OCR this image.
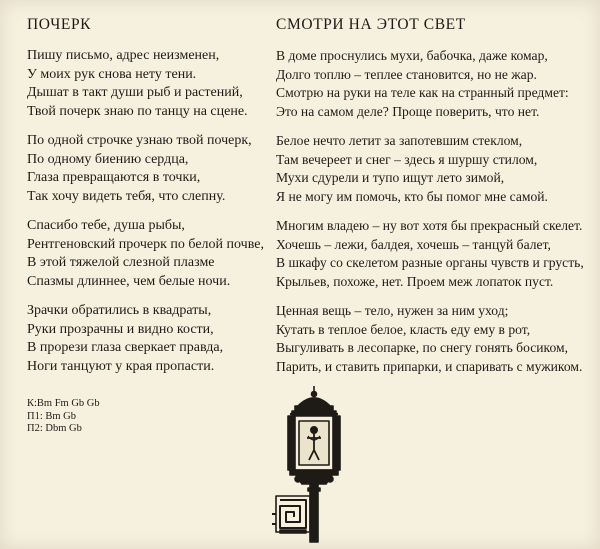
ПОЧЕРК

Пишу письмо, адрес неизменен,
У моих рук снова нету тени.
Дышат в такт души рыб и растений,
Твой почерк знаю по танцу на сцене.

По одной строчке узнаю твой почерк,
По одному биению сердца,
Глаза превращаются в точки,
Так хочу видеть тебя, что слепну.

Спасибо тебе, душа рыбы,
Рентгеновский прочерк по белой почве,
В этой тяжелой слезной плазме
Спазмы длиннее, чем белые ночи.

Зрачки обратились в квадраты,
Руки прозрачны и видно кости,
В прорези глаза сверкает правда,
Ноги танцуют у края пропасти.

К:Bm Fm Gb Gb
П1: Bm Gb
П2: Dbm Gb
СМОТРИ НА ЭТОТ СВЕТ

В доме проснулись мухи, бабочка, даже комар,
Долго топлю – теплее становится, но не жар.
Смотрю на руки на теле как на странный предмет:
Это на самом деле? Проще поверить, что нет.

Белое нечто летит за запотевшим стеклом,
Там вечереет и снег – здесь я шуршу стилом,
Мухи сдурели и тупо ищут лето зимой,
Я не могу им помочь, кто бы помог мне самой.

Многим владею – ну вот хотя бы прекрасный скелет.
Хочешь – лежи, балдея, хочешь – танцуй балет,
В шкафу со скелетом разные органы чувств и грусть,
Крыльев, похоже, нет. Проем меж лопаток пуст.

Ценная вещь – тело, нужен за ним уход;
Кутать в теплое белое, класть еду ему в рот,
Выгуливать в лесопарке, по снегу гонять босиком,
Парить, и ставить припарки, и спаривать с мужиком.
